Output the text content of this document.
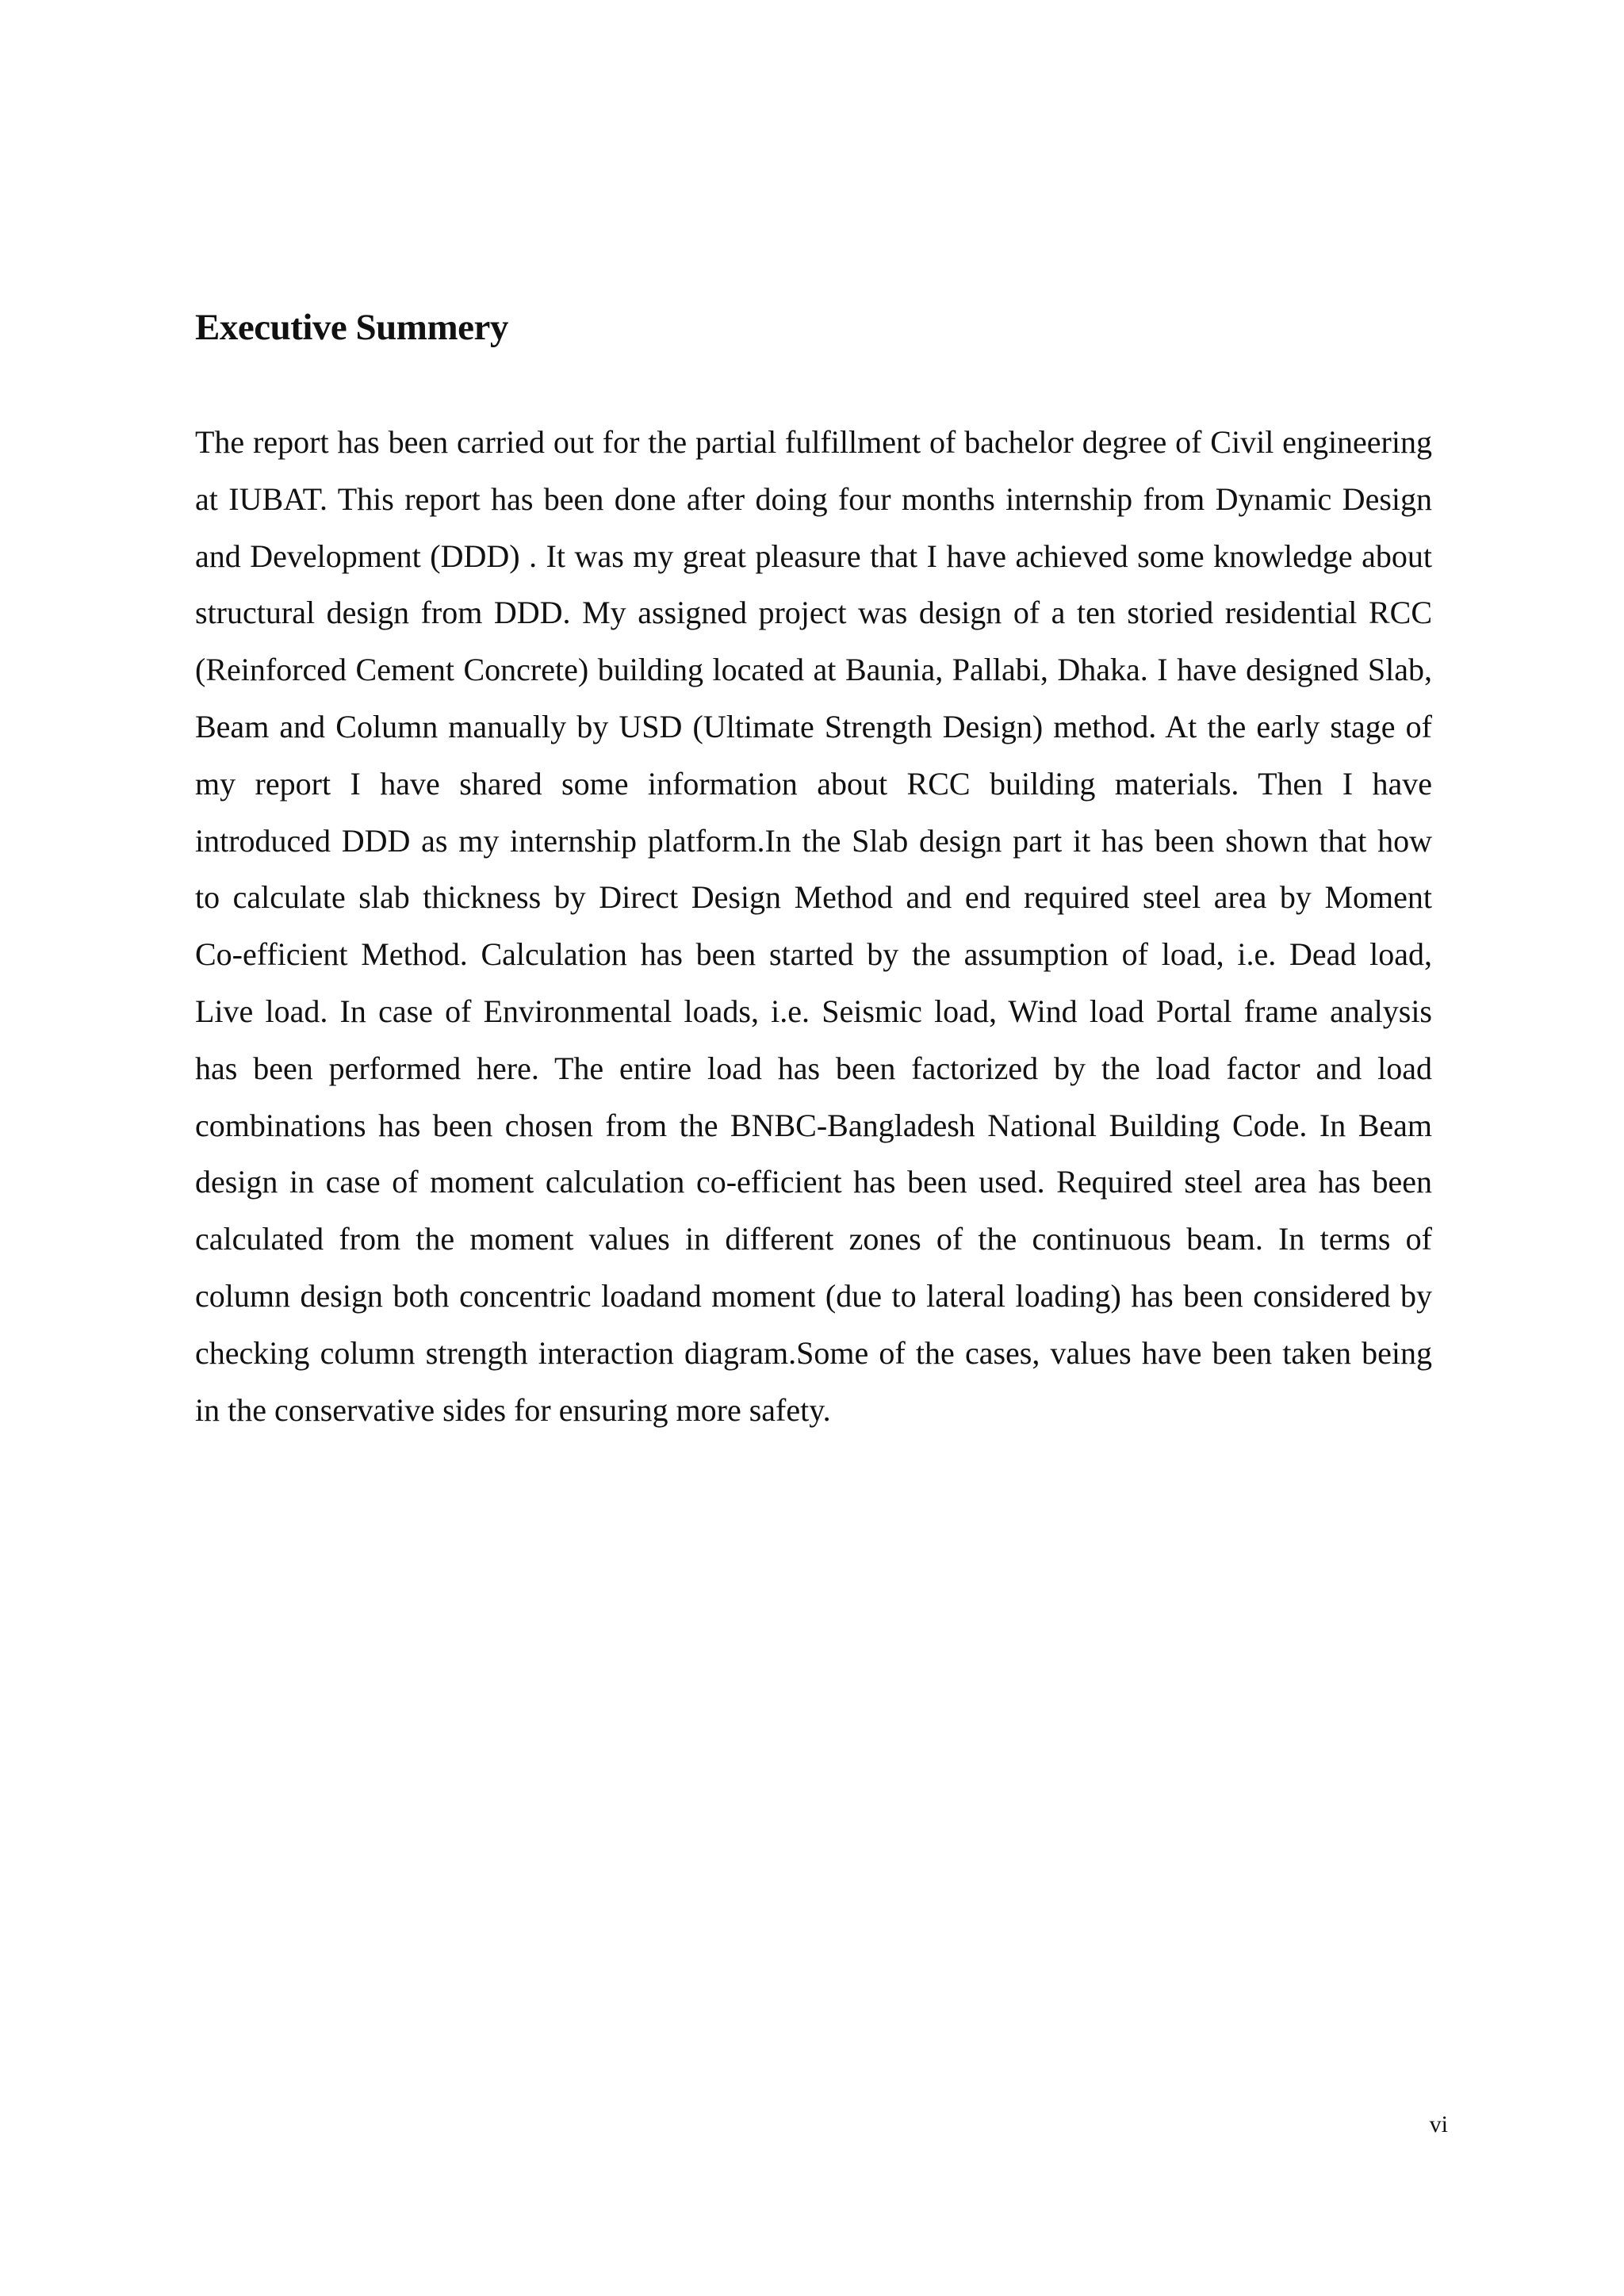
Executive Summery
The report has been carried out for the partial fulfillment of bachelor degree of Civil engineering
at IUBAT. This report has been done after doing four months internship from Dynamic Design
and Development (DDD) . It was my great pleasure that I have achieved some knowledge about
structural design from DDD. My assigned project was design of a ten storied residential RCC
(Reinforced Cement Concrete) building located at Baunia, Pallabi, Dhaka. I have designed Slab,
Beam and Column manually by USD (Ultimate Strength Design) method. At the early stage of
my report I have shared some information about RCC building materials. Then I have
introduced DDD as my internship platform.In the Slab design part it has been shown that how
to calculate slab thickness by Direct Design Method and end required steel area by Moment
Co-efficient Method. Calculation has been started by the assumption of load, i.e. Dead load,
Live load. In case of Environmental loads, i.e. Seismic load, Wind load Portal frame analysis
has been performed here. The entire load has been factorized by the load factor and load
combinations has been chosen from the BNBC-Bangladesh National Building Code. In Beam
design in case of moment calculation co-efficient has been used. Required steel area has been
calculated from the moment values in different zones of the continuous beam. In terms of
column design both concentric loadand moment (due to lateral loading) has been considered by
checking column strength interaction diagram.Some of the cases, values have been taken being
in the conservative sides for ensuring more safety.
vi
